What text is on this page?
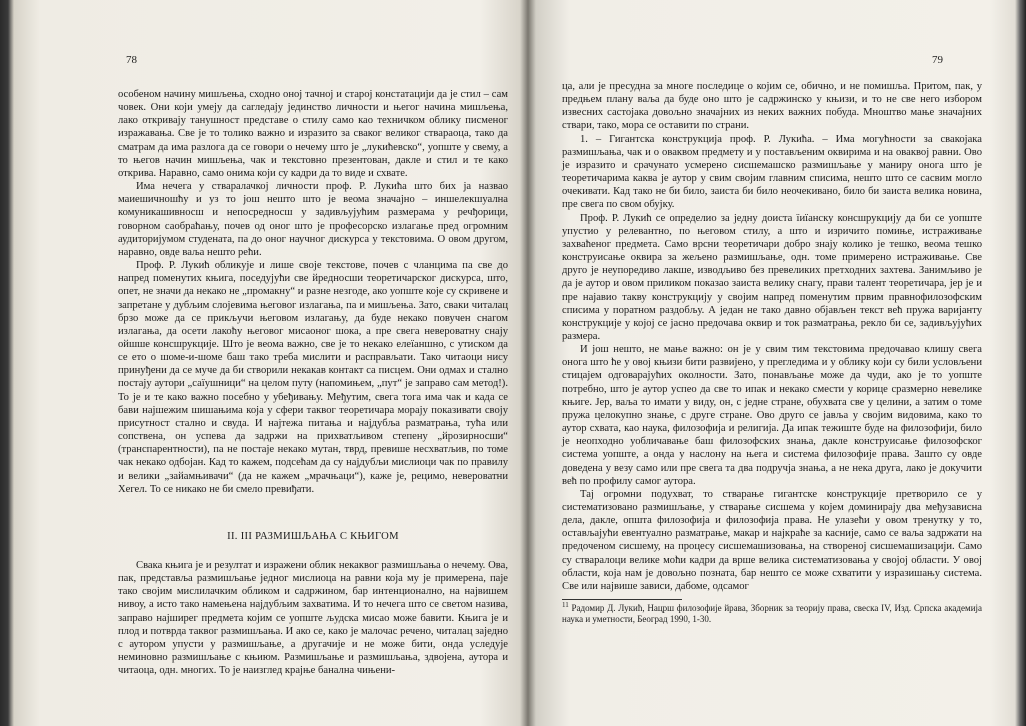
78

особеном начину мишљења, сходно оној тачној и старој констатацији да је стил – сам човек. Они који умеју да сагледају јединство личности и његог начина мишљења, лако откривају танушност представе о стилу само као техничком облику писменог изражавања. Све је то толико важно и изразито за сваког великог ствараоца, тако да сматрам да има разлога да се говори о нечему што је „лукићевско“, уопште у свему, а то његов начин мишљења, чак и текстовно презентован, дакле и стил и те како открива. Наравно, само онима који су кадри да то виде и схвате.

Има нечега у стваралачкој личности проф. Р. Лукића што бих ја назвао маиешичношћу и уз то још нешто што је веома значајно – иншелекшуална комуникашивносш и непосредносш у задивљујућим размерама у речђорици, говорном саобраћању, почев од оног што је професорско излагање пред огромним аудиторијумом студената, па до оног научног дискурса у текстовима. О овом другом, наравно, овде ваља нешто рећи.

Проф. Р. Лукић обликује и лише своје текстове, почев с чланцима па све до напред поменутих књига, поседујући све йредносши теоретичарског дискурса, што, опет, не значи да некако не „промакну“ и разне незгоде, ако уопште које су скривене и запретане у дубљим слојевима његовог излагања, па и мишљења. Зато, сваки читалац брзо може да се прикључи његовом излагању, да буде некако повучен снагом излагања, да осети лакоћу његовог мисаоног шока, а пре свега невероватну снају ойшше консшрукције. Што је веома важно, све је то некако елеїаншно, с утиском да се ето о шоме-и-шоме баш тако треба мислити и расправљати. Тако читаоци нису принуђени да се муче да би створили некакав контакт са писцем. Они одмах и стално постају аутори „саїушници“ на целом путу (напомињем, „пут“ је заправо сам метод!). То је и те како важно посебно у убеђивању. Међутим, свега тога има чак и када се бави најшежим шишањима која у сфери таквог теоретичара морају показивати своју присутност стално и свуда. И најтежа питања и најдубља разматрања, тућа или сопствена, он успева да задржи на прихватљивом степену „йрозирносши“ (транспарентности), па не постаје некако мутан, тврд, превише несхватљив, по томе чак некако одбојан. Кад то кажем, подсећам да су најдубљи мислиоци чак по правилу и велики „зайамњивачи“ (да не кажем „мрачњаци“), каже је, рецимо, невероватни Хегел. То се никако не би смело превиђати.

II. III РАЗМИШЉАЊА С КЊИГОМ

Свака књига је и резултат и изражени облик некаквог размишљања о нечему. Ова, пак, представља размишљање једног мислиоца на равни која му је примерена, паје тако својим мислилачким обликом и садржином, бар интенционално, на највишем нивоу, а исто тако намењена најдубљим захватима. И то нечега што се светом назива, заправо најширег предмета којим се уопште људска мисао може бавити. Књига је и плод и потврда таквог размишљања. И ако се, како је малочас речено, читалац заједно с аутором упусти у размишљање, а другачије и не може бити, онда уследује неминовно размишљање с књиюм. Размишљање и размишљања, здвојена, аутора и читаоца, одн. многих. То је наизглед крајње банална чињени-

79

ца, али је пресудна за многе последице о којим се, обично, и не помишља. Притом, пак, у предњем плану ваља да буде оно што је садржинско у књизи, и то не све него избором извесних састојака довољно значајних из неких важних побуда. Мноштво мање значајних ствари, тако, мора се оставити по страни.

1. – Гигантска конструкција проф. Р. Лукића. – Има могућности за свакојака размишљања, чак и о оваквом предмету и у постављеним оквирима и на оваквој равни. Ово је изразито и срачунато усмерено сисшемашско размишљање у маниру онога што је теоретичарима каква је аутор у свим својим главним списима, нешто што се сасвим могло очекивати. Кад тако не би било, заиста би било неочекивано, било би заиста велика новина, пре свега по свом обујку.

Проф. Р. Лукић се определио за једну доиста ïиïанску консшрукцију да би се уопште упустио у релевантно, по његовом стилу, а што и изричито помиње, истраживање захваћеног предмета. Само врсни теоретичари добро знају колико је тешко, веома тешко конструисање оквира за жељено размишљање, одн. томе примерено истраживање. Све друго је неупоредиво лакше, изводљиво без превеликих претходних захтева. Занимљиво је да је аутор и овом приликом показао заиста велику снагу, прави талент теоретичара, јер је и пре најавио такву конструкцију у својим напред поменутим првим правнофилозофским списима у поратном раздобљу. А један не тако давно објављен текст већ пружа варијанту конструкције у којој се јасно предочава оквир и ток разматрања, рекло би се, задивљујућих размера.

И још нешто, не мање важно: он је у свим тим текстовима предочавао клишу свега онога што ће у овој књизи бити развијено, у прегледима и у облику који су били условљени стицајем одговарајућих околности. Зато, понављање може да чуди, ако је то уопште потребно, што је аутор успео да све то ипак и некако смести у корице сразмерно невелике књиге. Јер, ваља то имати у виду, он, с једне стране, обухвата све у целини, а затим о томе пружа целокупно знање, с друге стране. Ово друго се јавља у својим видовима, како то аутор схвата, као наука, филозофија и религија. Да ипак тежиште буде на филозофији, било је неопходно уобличавање баш филозофских знања, дакле конструисање филозофског система уопште, а онда у наслону на њега и система филозофије права. Зашто су овде доведена у везу само или пре свега та два подручја знања, а не нека друга, лако је докучити већ по профилу самог аутора.

Тај огромни подухват, то стварање гигантске конструкције претворило се у систематизовано размишљање, у стварање сисшема у којем доминирају два међузависна дела, дакле, општа филозофија и филозофија права. Не улазећи у овом тренутку у то, остављајући евентуално разматрање, макар и најкраће за касније, само се ваља задржати на предоченом сисшему, на процесу сисшемашизовања, на створеној сисшемашизацији. Само су стваралоци велике моћи кадри да врше велика систематизовања у својој области. У овој области, која нам је довољно позната, бар нешто се може схватити у изразишању система. Све или највише зависи, дабоме, одсамог

$^{11}$ Радомир Д. Лукић, Нацрш филозофије йрава, Зборник за теорију права, свеска IV, Изд. Српска академија наука и уметности, Београд 1990, 1-30.
